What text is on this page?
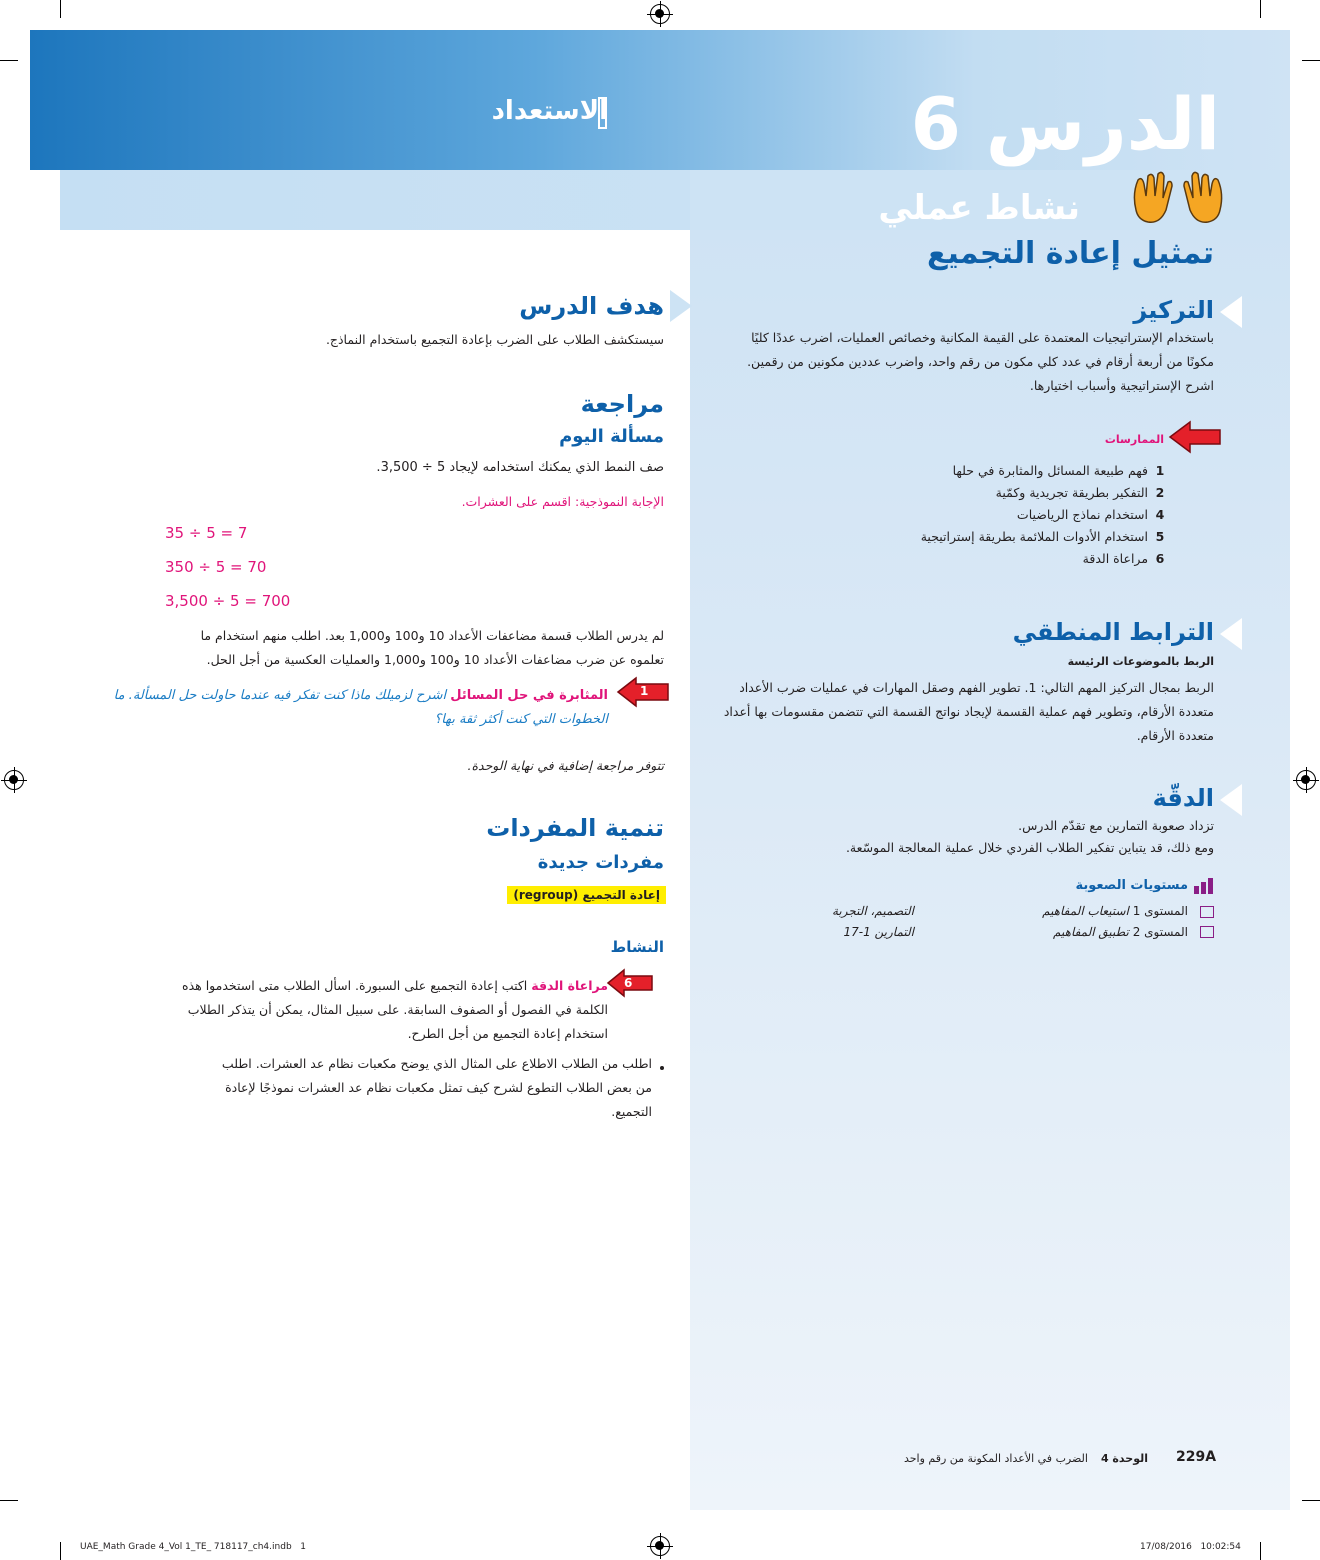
الاستعداد	الدرس 6
نشاط عملي
تمثيل إعادة التجميع
التركيز
باستخدام الإستراتيجيات المعتمدة على القيمة المكانية وخصائص العمليات، اضرب عددًا كليًا مكونًا من أربعة أرقام في عدد كلي مكون من رقم واحد، واضرب عددين مكونين من رقمين. اشرح الإستراتيجية وأسباب اختيارها.
الممارسات
1 فهم طبيعة المسائل والمثابرة في حلها
2 التفكير بطريقة تجريدية وكمّية
4 استخدام نماذج الرياضيات
5 استخدام الأدوات الملائمة بطريقة إستراتيجية
6 مراعاة الدقة
الترابط المنطقي
الربط بالموضوعات الرئيسة
الربط بمجال التركيز المهم التالي: 1. تطوير الفهم وصقل المهارات في عمليات ضرب الأعداد متعددة الأرقام، وتطوير فهم عملية القسمة لإيجاد نواتج القسمة التي تتضمن مقسومات بها أعداد متعددة الأرقام.
الدقّة
تزداد صعوبة التمارين مع تقدّم الدرس.
ومع ذلك، قد يتباين تفكير الطلاب الفردي خلال عملية المعالجة الموسّعة.
مستويات الصعوبة
المستوى 1 استيعاب المفاهيم
التصميم، التجربة
المستوى 2 تطبيق المفاهيم
التمارين 1-17
هدف الدرس
سيستكشف الطلاب على الضرب بإعادة التجميع باستخدام النماذج.
مراجعة
مسألة اليوم
صف النمط الذي يمكنك استخدامه لإيجاد 5 ÷ 3,500.
الإجابة النموذجية: اقسم على العشرات.
35 ÷ 5 = 7
350 ÷ 5 = 70
3,500 ÷ 5 = 700
لم يدرس الطلاب قسمة مضاعفات الأعداد 10 و100 و1,000 بعد. اطلب منهم استخدام ما تعلموه عن ضرب مضاعفات الأعداد 10 و100 و1,000 والعمليات العكسية من أجل الحل.
1
المثابرة في حل المسائل اشرح لزميلك ماذا كنت تفكر فيه عندما حاولت حل المسألة. ما الخطوات التي كنت أكثر ثقة بها؟
تتوفر مراجعة إضافية في نهاية الوحدة.
تنمية المفردات
مفردات جديدة
إعادة التجميع (regroup)
النشاط
6
مراعاة الدقة اكتب إعادة التجميع على السبورة. اسأل الطلاب متى استخدموا هذه الكلمة في الفصول أو الصفوف السابقة. على سبيل المثال، يمكن أن يتذكر الطلاب استخدام إعادة التجميع من أجل الطرح.
اطلب من الطلاب الاطلاع على المثال الذي يوضح مكعبات نظام عد العشرات. اطلب من بعض الطلاب التطوع لشرح كيف تمثل مكعبات نظام عد العشرات نموذجًا لإعادة التجميع.
229A
الوحدة 4  الضرب في الأعداد المكونة من رقم واحد
UAE_Math Grade 4_Vol 1_TE_ 718117_ch4.indb   1	17/08/2016   10:02:54
